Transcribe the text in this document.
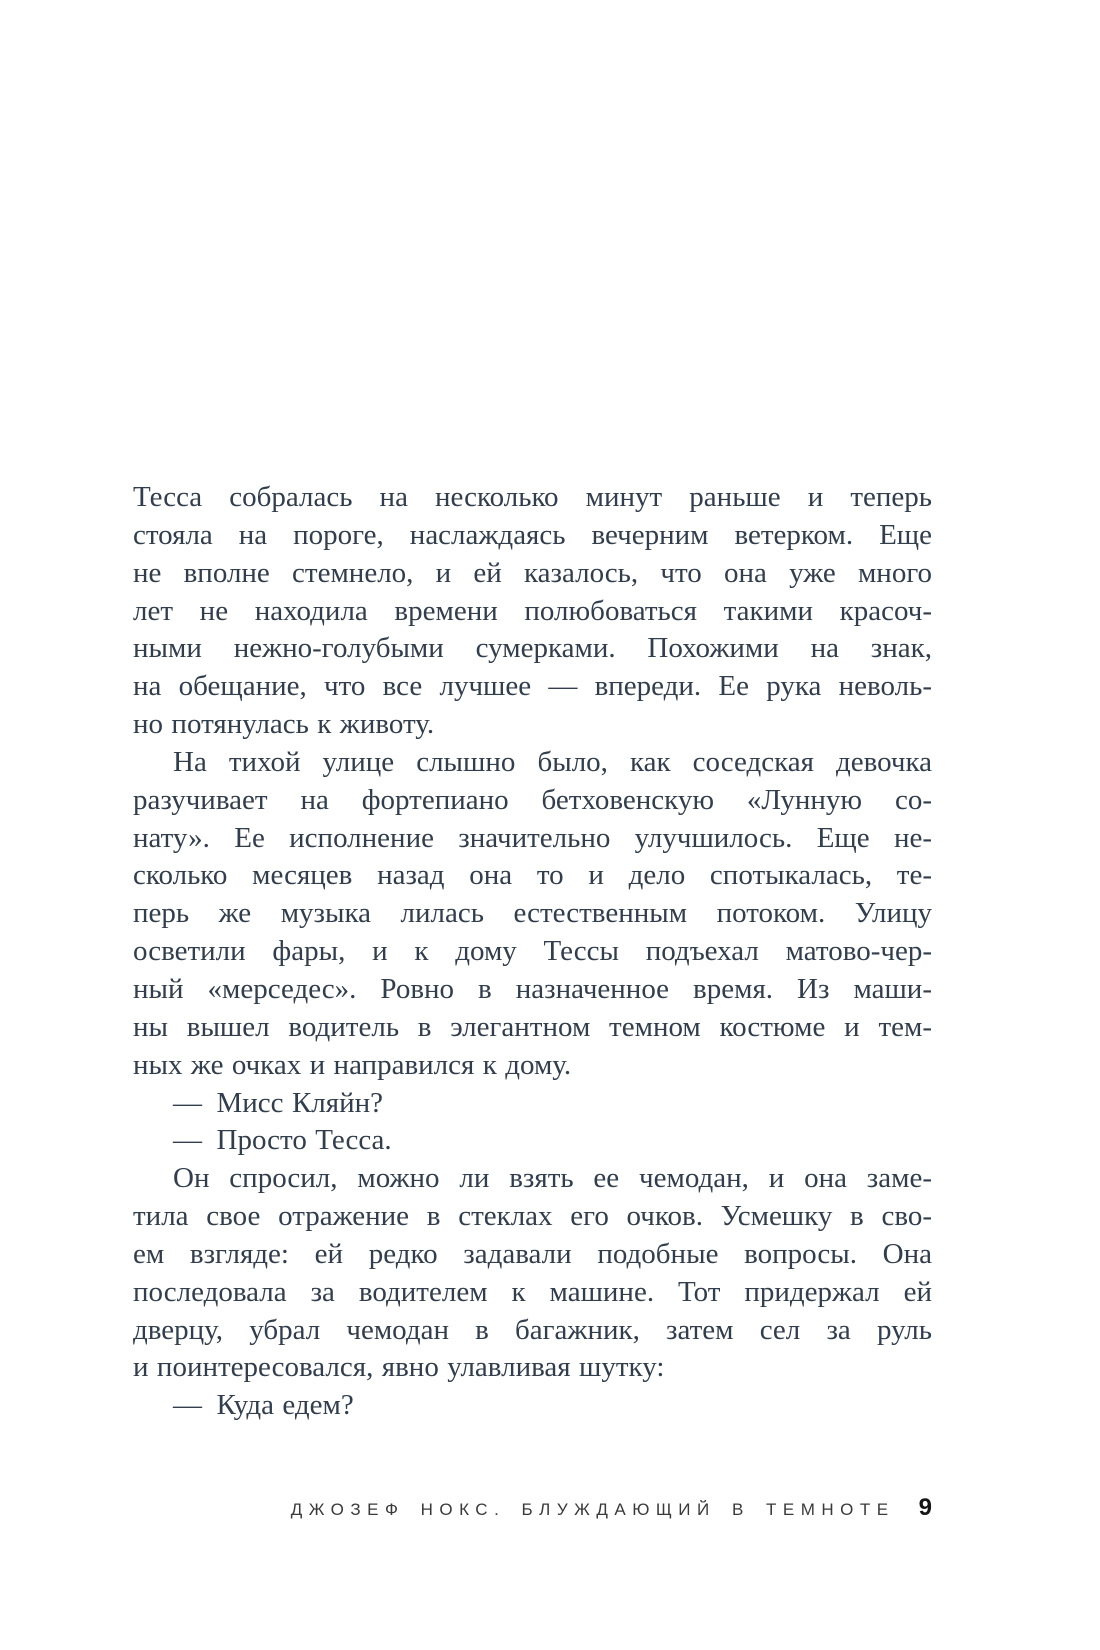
Тесса собралась на несколько минут раньше и теперь

стояла на пороге, наслаждаясь вечерним ветерком. Еще

не вполне стемнело, и ей казалось, что она уже много

лет не находила времени полюбоваться такими красоч-

ными нежно-голубыми сумерками. Похожими на знак,

на обещание, что все лучшее — впереди. Ее рука неволь-

но потянулась к животу.

На тихой улице слышно было, как соседская девочка

разучивает на фортепиано бетховенскую «Лунную со-

нату». Ее исполнение значительно улучшилось. Еще не-

сколько месяцев назад она то и дело спотыкалась, те-

перь же музыка лилась естественным потоком. Улицу

осветили фары, и к дому Тессы подъехал матово-чер-

ный «мерседес». Ровно в назначенное время. Из маши-

ны вышел водитель в элегантном темном костюме и тем-

ных же очках и направился к дому.

— Мисс Кляйн?

— Просто Тесса.

Он спросил, можно ли взять ее чемодан, и она заме-

тила свое отражение в стеклах его очков. Усмешку в сво-

ем взгляде: ей редко задавали подобные вопросы. Она

последовала за водителем к машине. Тот придержал ей

дверцу, убрал чемодан в багажник, затем сел за руль

и поинтересовался, явно улавливая шутку:

— Куда едем?

ДЖОЗЕФ НОКС. БЛУЖДАЮЩИЙ В ТЕМНОТЕ 9
